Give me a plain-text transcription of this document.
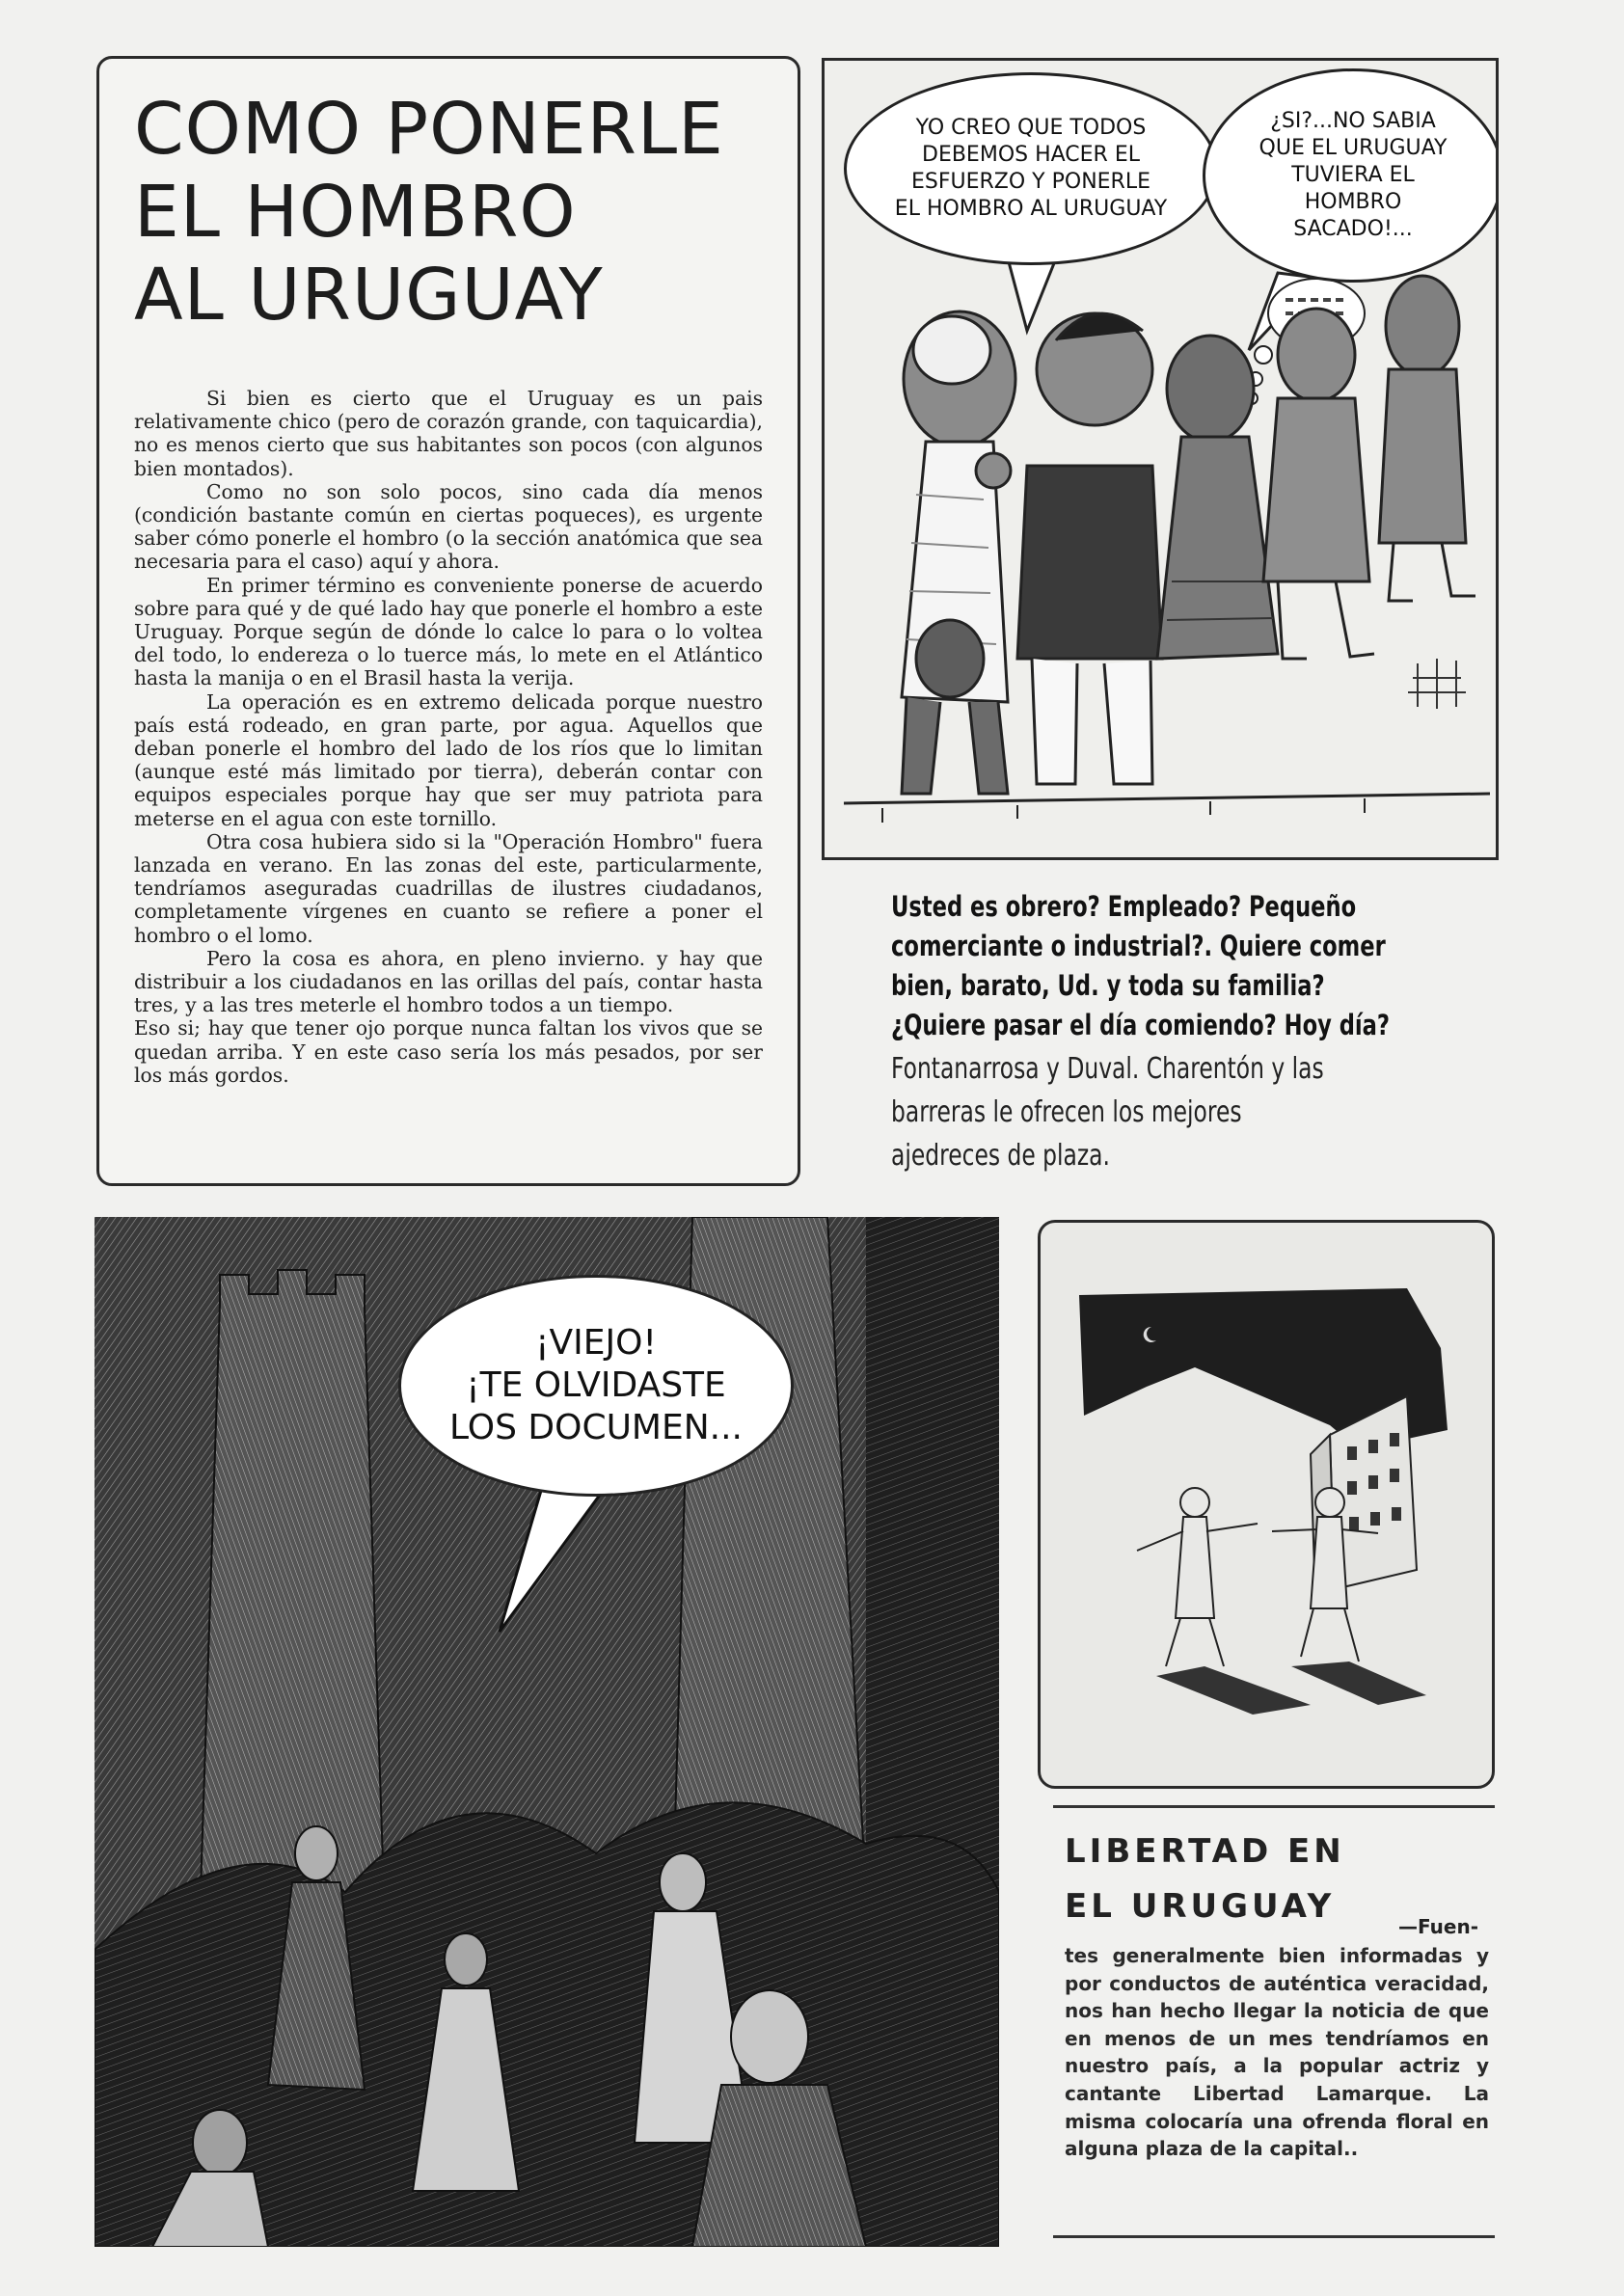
COMO PONERLE
EL HOMBRO
AL URUGUAY

Si bien es cierto que el Uruguay es un pais relativamente chico (pero de corazón grande, con taquicardia), no es menos cierto que sus habitantes son pocos (con algunos bien montados).

Como no son solo pocos, sino cada día menos (condición bastante común en ciertas poqueces), es urgente saber cómo ponerle el hombro (o la sección anatómica que sea necesaria para el caso) aquí y ahora.

En primer término es conveniente ponerse de acuerdo sobre para qué y de qué lado hay que ponerle el hombro a este Uruguay. Porque según de dónde lo calce lo para o lo voltea del todo, lo endereza o lo tuerce más, lo mete en el Atlántico hasta la manija o en el Brasil hasta la verija.

La operación es en extremo delicada porque nuestro país está rodeado, en gran parte, por agua. Aquellos que deban ponerle el hombro del lado de los ríos que lo limitan (aunque esté más limitado por tierra), deberán contar con equipos especiales porque hay que ser muy patriota para meterse en el agua con este tornillo.

Otra cosa hubiera sido si la "Operación Hombro" fuera lanzada en verano. En las zonas del este, particularmente, tendríamos aseguradas cuadrillas de ilustres ciudadanos, completamente vírgenes en cuanto se refiere a poner el hombro o el lomo.

Pero la cosa es ahora, en pleno invierno. y hay que distribuir a los ciudadanos en las orillas del país, contar hasta tres, y a las tres meterle el hombro todos a un tiempo.

Eso si; hay que tener ojo porque nunca faltan los vivos que se quedan arriba. Y en este caso sería los más pesados, por ser los más gordos.

YO CREO QUE TODOS
DEBEMOS HACER EL
ESFUERZO Y PONERLE
EL HOMBRO AL URUGUAY
¿SI?...NO SABIA
QUE EL URUGUAY
TUVIERA EL
HOMBRO
SACADO!...
Usted es obrero? Empleado? Pequeño
comerciante o industrial?. Quiere comer
bien, barato, Ud. y toda su familia?
¿Quiere pasar el día comiendo? Hoy día?
Fontanarrosa y Duval. Charentón y las
barreras le ofrecen los mejores
ajedreces de plaza.
¡VIEJO!
¡TE OLVIDASTE
LOS DOCUMEN...
LIBERTAD EN
EL URUGUAY
—Fuen-

tes generalmente bien informadas y por conductos de auténtica veracidad, nos han hecho llegar la noticia de que en menos de un mes tendríamos en nuestro país, a la popular actriz y cantante Libertad Lamarque. La misma colocaría una ofrenda floral en alguna plaza de la capital..
